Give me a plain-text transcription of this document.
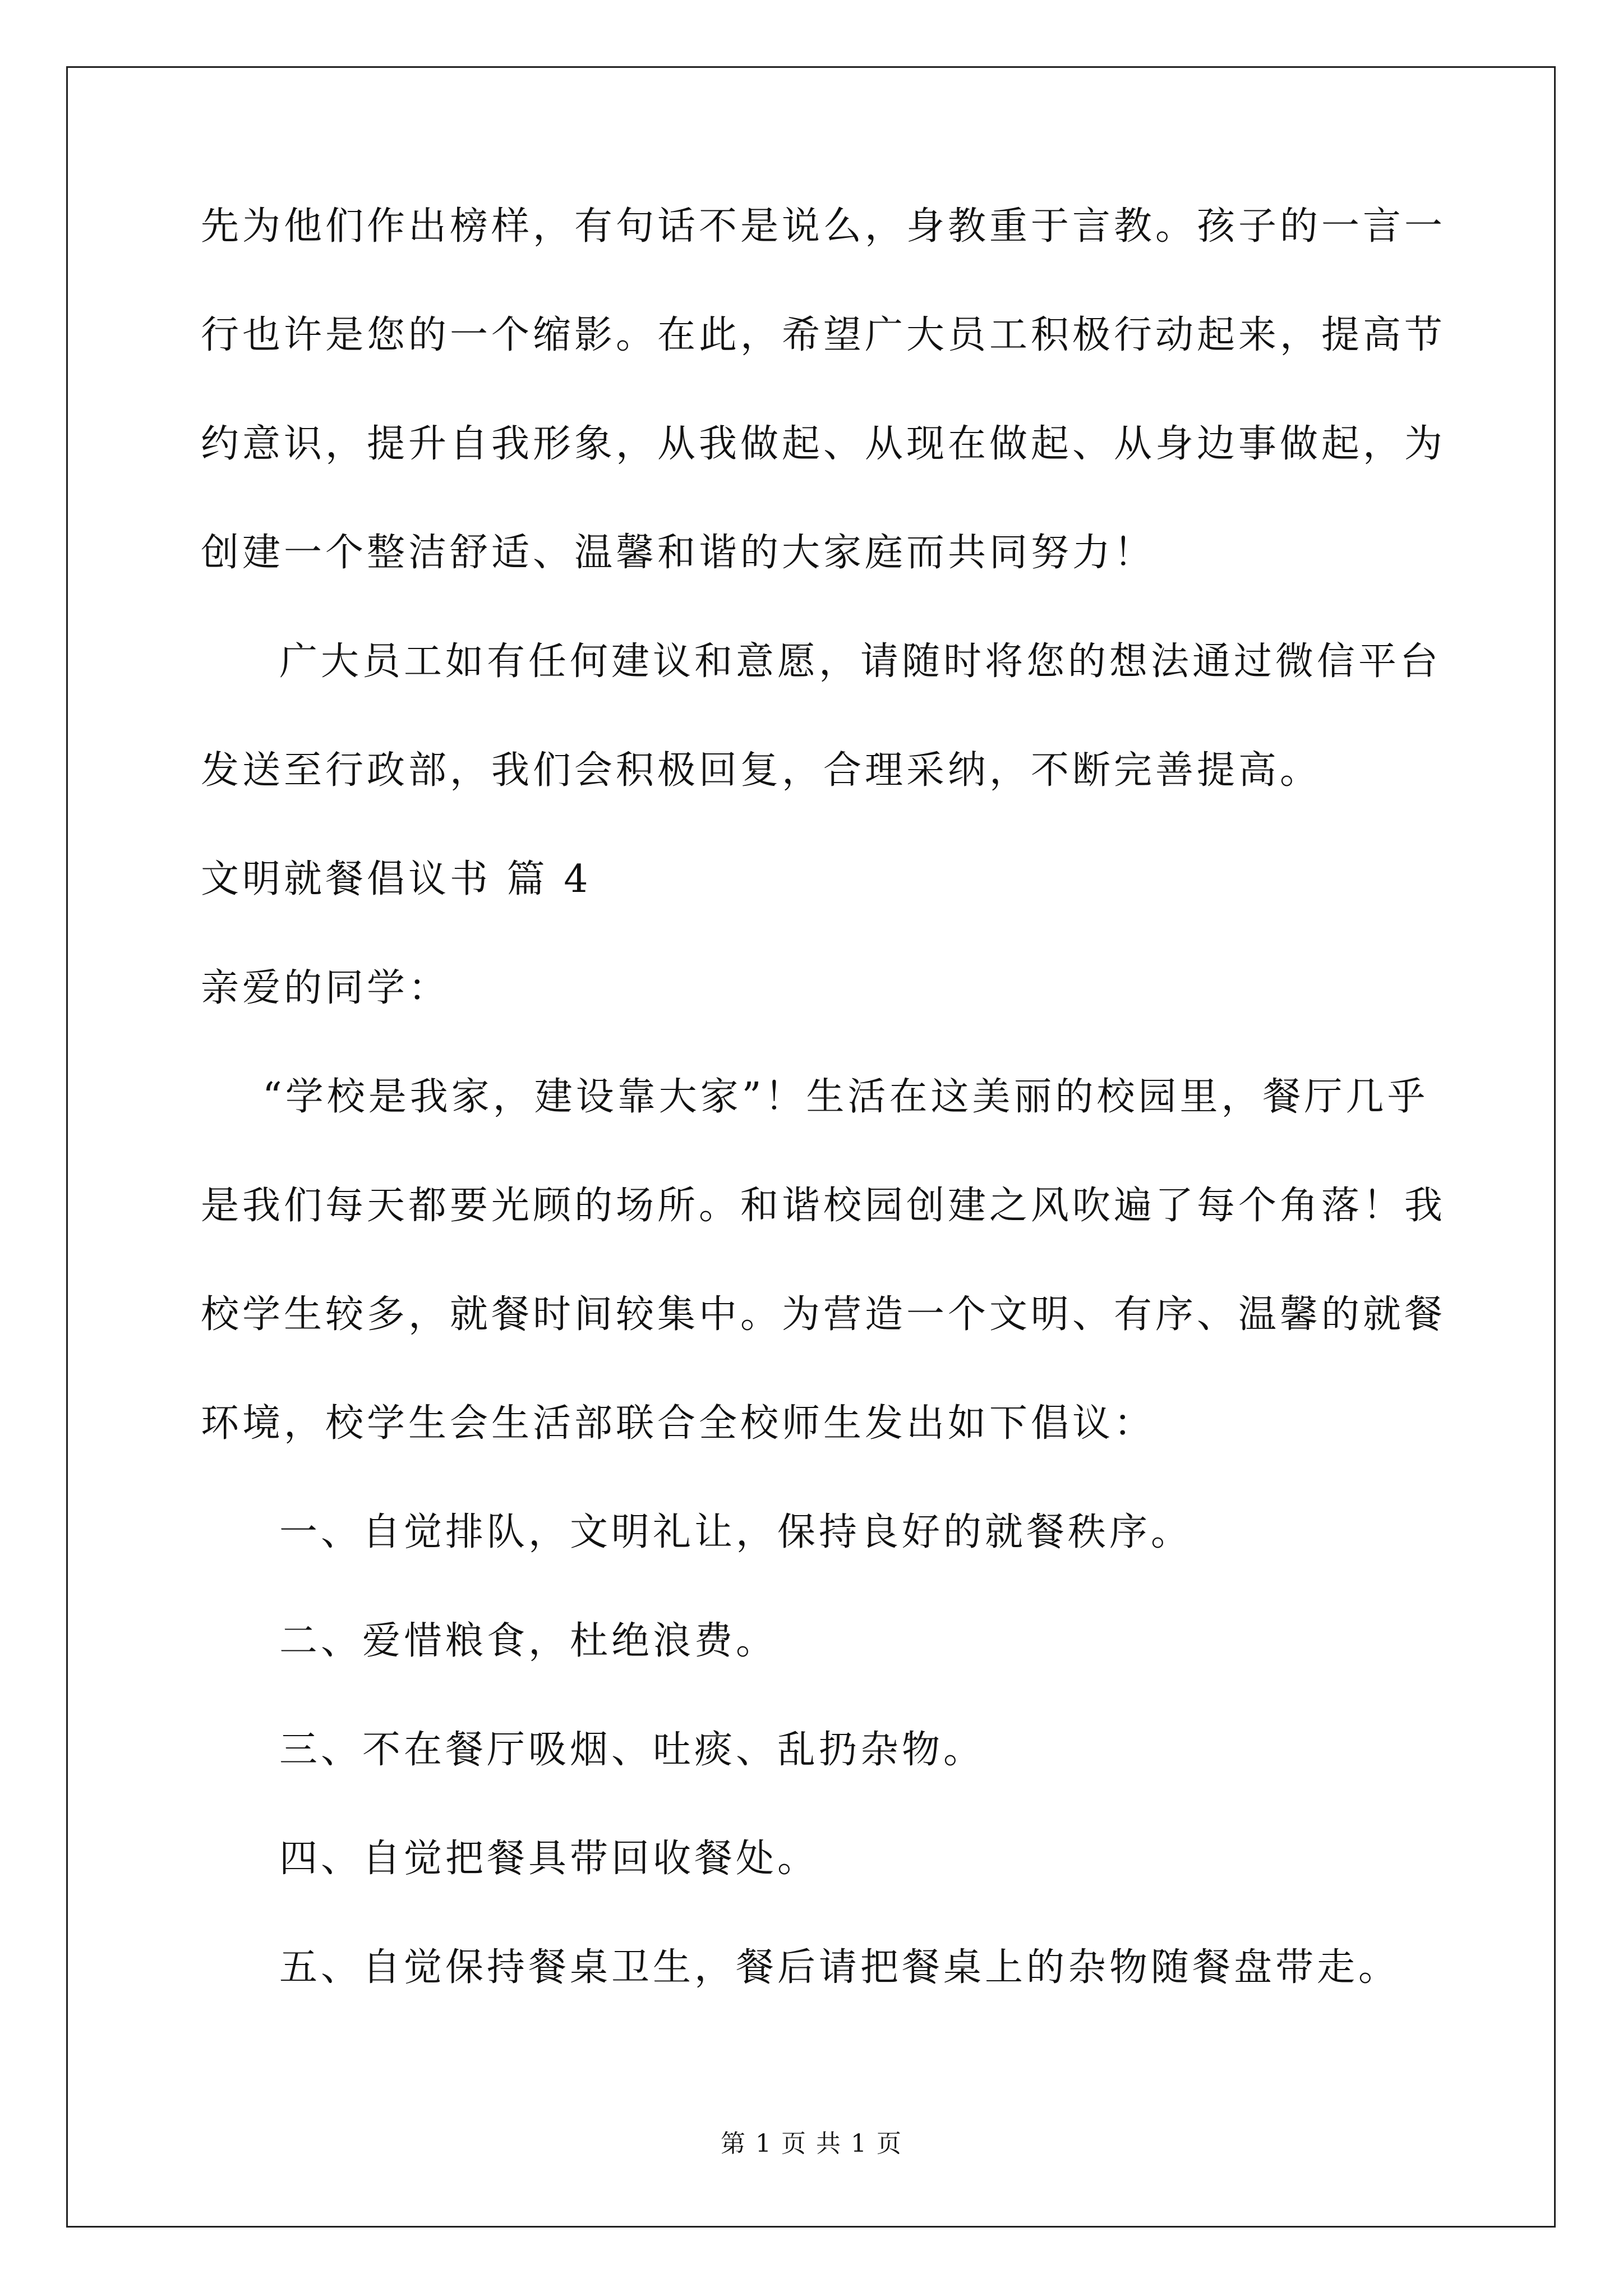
先为他们作出榜样，有句话不是说么，身教重于言教。孩子的一言一
行也许是您的一个缩影。在此，希望广大员工积极行动起来，提高节
约意识，提升自我形象，从我做起、从现在做起、从身边事做起，为
创建一个整洁舒适、温馨和谐的大家庭而共同努力！
广大员工如有任何建议和意愿，请随时将您的想法通过微信平台
发送至行政部，我们会积极回复，合理采纳，不断完善提高。
文明就餐倡议书 篇 4
亲爱的同学：
“学校是我家，建设靠大家”！生活在这美丽的校园里，餐厅几乎
是我们每天都要光顾的场所。和谐校园创建之风吹遍了每个角落！我
校学生较多，就餐时间较集中。为营造一个文明、有序、温馨的就餐
环境，校学生会生活部联合全校师生发出如下倡议：
一、自觉排队，文明礼让，保持良好的就餐秩序。
二、爱惜粮食，杜绝浪费。
三、不在餐厅吸烟、吐痰、乱扔杂物。
四、自觉把餐具带回收餐处。
五、自觉保持餐桌卫生，餐后请把餐桌上的杂物随餐盘带走。
第 1 页 共 1 页
